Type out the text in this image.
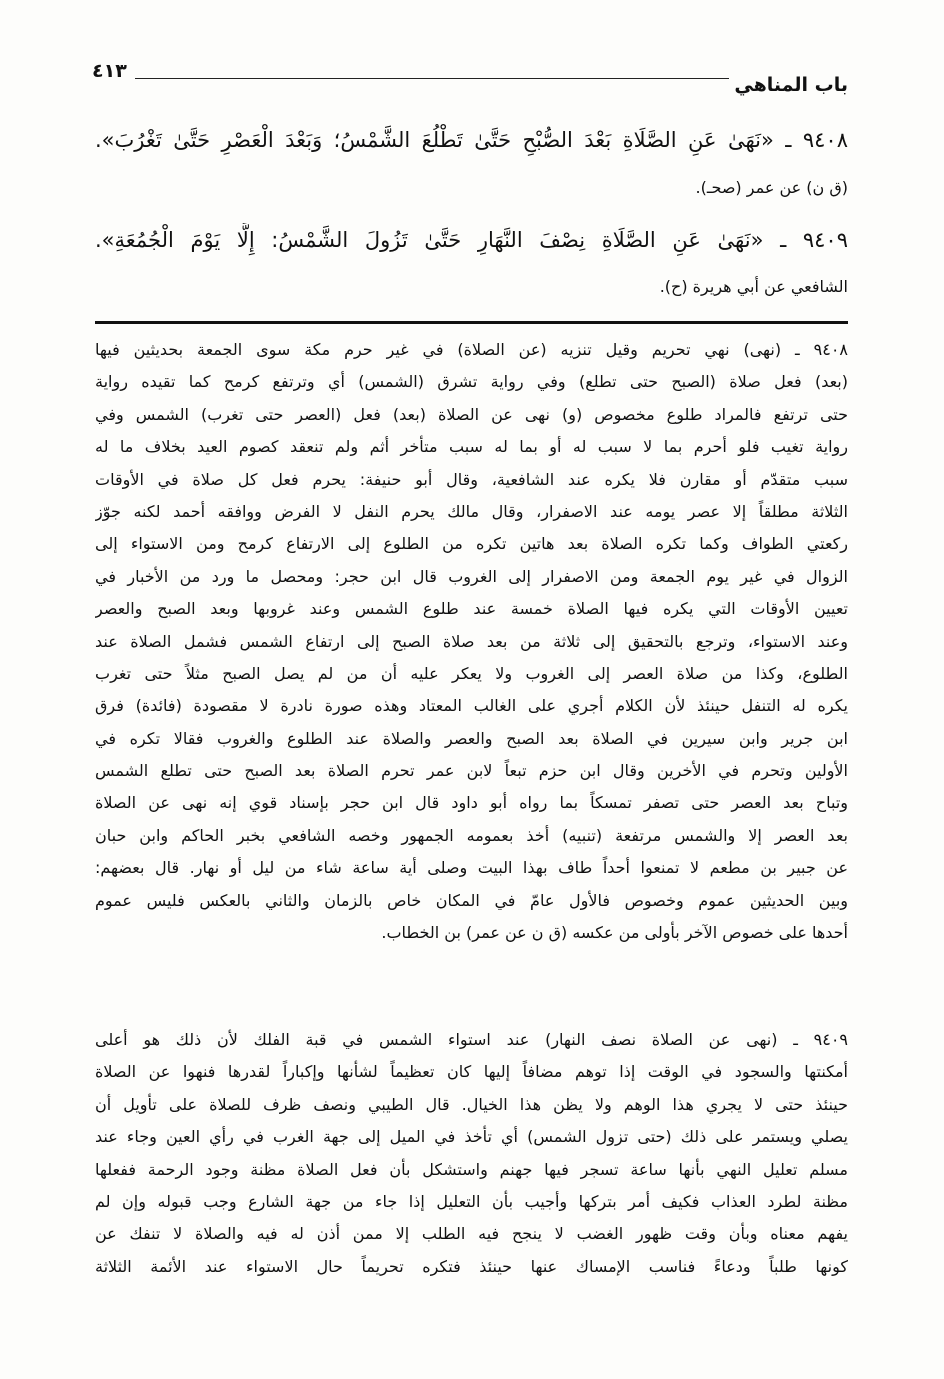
٤١٣
باب المناهي
٩٤٠٨ ـ «نَهَىٰ عَنِ الصَّلَاةِ بَعْدَ الصُّبْحِ حَتَّىٰ تَطْلُعَ الشَّمْسُ؛ وَبَعْدَ الْعَصْرِ حَتَّىٰ تَغْرُبَ».
(ق ن) عن عمر (صحـ).
٩٤٠٩ ـ «نَهَىٰ عَنِ الصَّلَاةِ نِصْفَ النَّهَارِ حَتَّىٰ تَزُولَ الشَّمْسُ: إِلَّا يَوْمَ الْجُمُعَةِ».
الشافعي عن أبي هريرة (ح).
٩٤٠٨ ـ (نهى) نهي تحريم وقيل تنزيه (عن الصلاة) في غير حرم مكة سوى الجمعة بحديثين فيها
(بعد) فعل صلاة (الصبح حتى تطلع) وفي رواية تشرق (الشمس) أي وترتفع كرمح كما تقيده رواية
حتى ترتفع فالمراد طلوع مخصوص (و) نهى عن الصلاة (بعد) فعل (العصر حتى تغرب) الشمس وفي
رواية تغيب فلو أحرم بما لا سبب له أو بما له سبب متأخر أثم ولم تنعقد كصوم العيد بخلاف ما له
سبب متقدّم أو مقارن فلا يكره عند الشافعية، وقال أبو حنيفة: يحرم فعل كل صلاة في الأوقات
الثلاثة مطلقاً إلا عصر يومه عند الاصفرار، وقال مالك يحرم النفل لا الفرض ووافقه أحمد لكنه جوّز
ركعتي الطواف وكما تكره الصلاة بعد هاتين تكره من الطلوع إلى الارتفاع كرمح ومن الاستواء إلى
الزوال في غير يوم الجمعة ومن الاصفرار إلى الغروب قال ابن حجر: ومحصل ما ورد من الأخبار في
تعيين الأوقات التي يكره فيها الصلاة خمسة عند طلوع الشمس وعند غروبها وبعد الصبح والعصر
وعند الاستواء، وترجع بالتحقيق إلى ثلاثة من بعد صلاة الصبح إلى ارتفاع الشمس فشمل الصلاة عند
الطلوع، وكذا من صلاة العصر إلى الغروب ولا يعكر عليه أن من لم يصل الصبح مثلاً حتى تغرب
يكره له التنفل حينئذ لأن الكلام أجري على الغالب المعتاد وهذه صورة نادرة لا مقصودة (فائدة) فرق
ابن جرير وابن سيرين في الصلاة بعد الصبح والعصر والصلاة عند الطلوع والغروب فقالا تكره في
الأولين وتحرم في الأخرين وقال ابن حزم تبعاً لابن عمر تحرم الصلاة بعد الصبح حتى تطلع الشمس
وتباح بعد العصر حتى تصفر تمسكاً بما رواه أبو داود قال ابن حجر بإسناد قوي إنه نهى عن الصلاة
بعد العصر إلا والشمس مرتفعة (تنبيه) أخذ بعمومه الجمهور وخصه الشافعي بخبر الحاكم وابن حبان
عن جبير بن مطعم لا تمنعوا أحداً طاف بهذا البيت وصلى أية ساعة شاء من ليل أو نهار. قال بعضهم:
وبين الحديثين عموم وخصوص فالأول عامّ في المكان خاص بالزمان والثاني بالعكس فليس عموم
أحدها على خصوص الآخر بأولى من عكسه (ق ن عن عمر) بن الخطاب.
٩٤٠٩ ـ (نهى عن الصلاة نصف النهار) عند استواء الشمس في قبة الفلك لأن ذلك هو أعلى
أمكنتها والسجود في الوقت إذا توهم مضافاً إليها كان تعظيماً لشأنها وإكباراً لقدرها فنهوا عن الصلاة
حينئذ حتى لا يجري هذا الوهم ولا يظن هذا الخيال. قال الطيبي ونصف ظرف للصلاة على تأويل أن
يصلي ويستمر على ذلك (حتى تزول الشمس) أي تأخذ في الميل إلى جهة الغرب في رأي العين وجاء عند
مسلم تعليل النهي بأنها ساعة تسجر فيها جهنم واستشكل بأن فعل الصلاة مظنة وجود الرحمة ففعلها
مظنة لطرد العذاب فكيف أمر بتركها وأجيب بأن التعليل إذا جاء من جهة الشارع وجب قبوله وإن لم
يفهم معناه وبأن وقت ظهور الغضب لا ينجح فيه الطلب إلا ممن أذن له فيه والصلاة لا تنفك عن
كونها طلباً ودعاءً فناسب الإمساك عنها حينئذ فتكره تحريماً حال الاستواء عند الأئمة الثلاثة
